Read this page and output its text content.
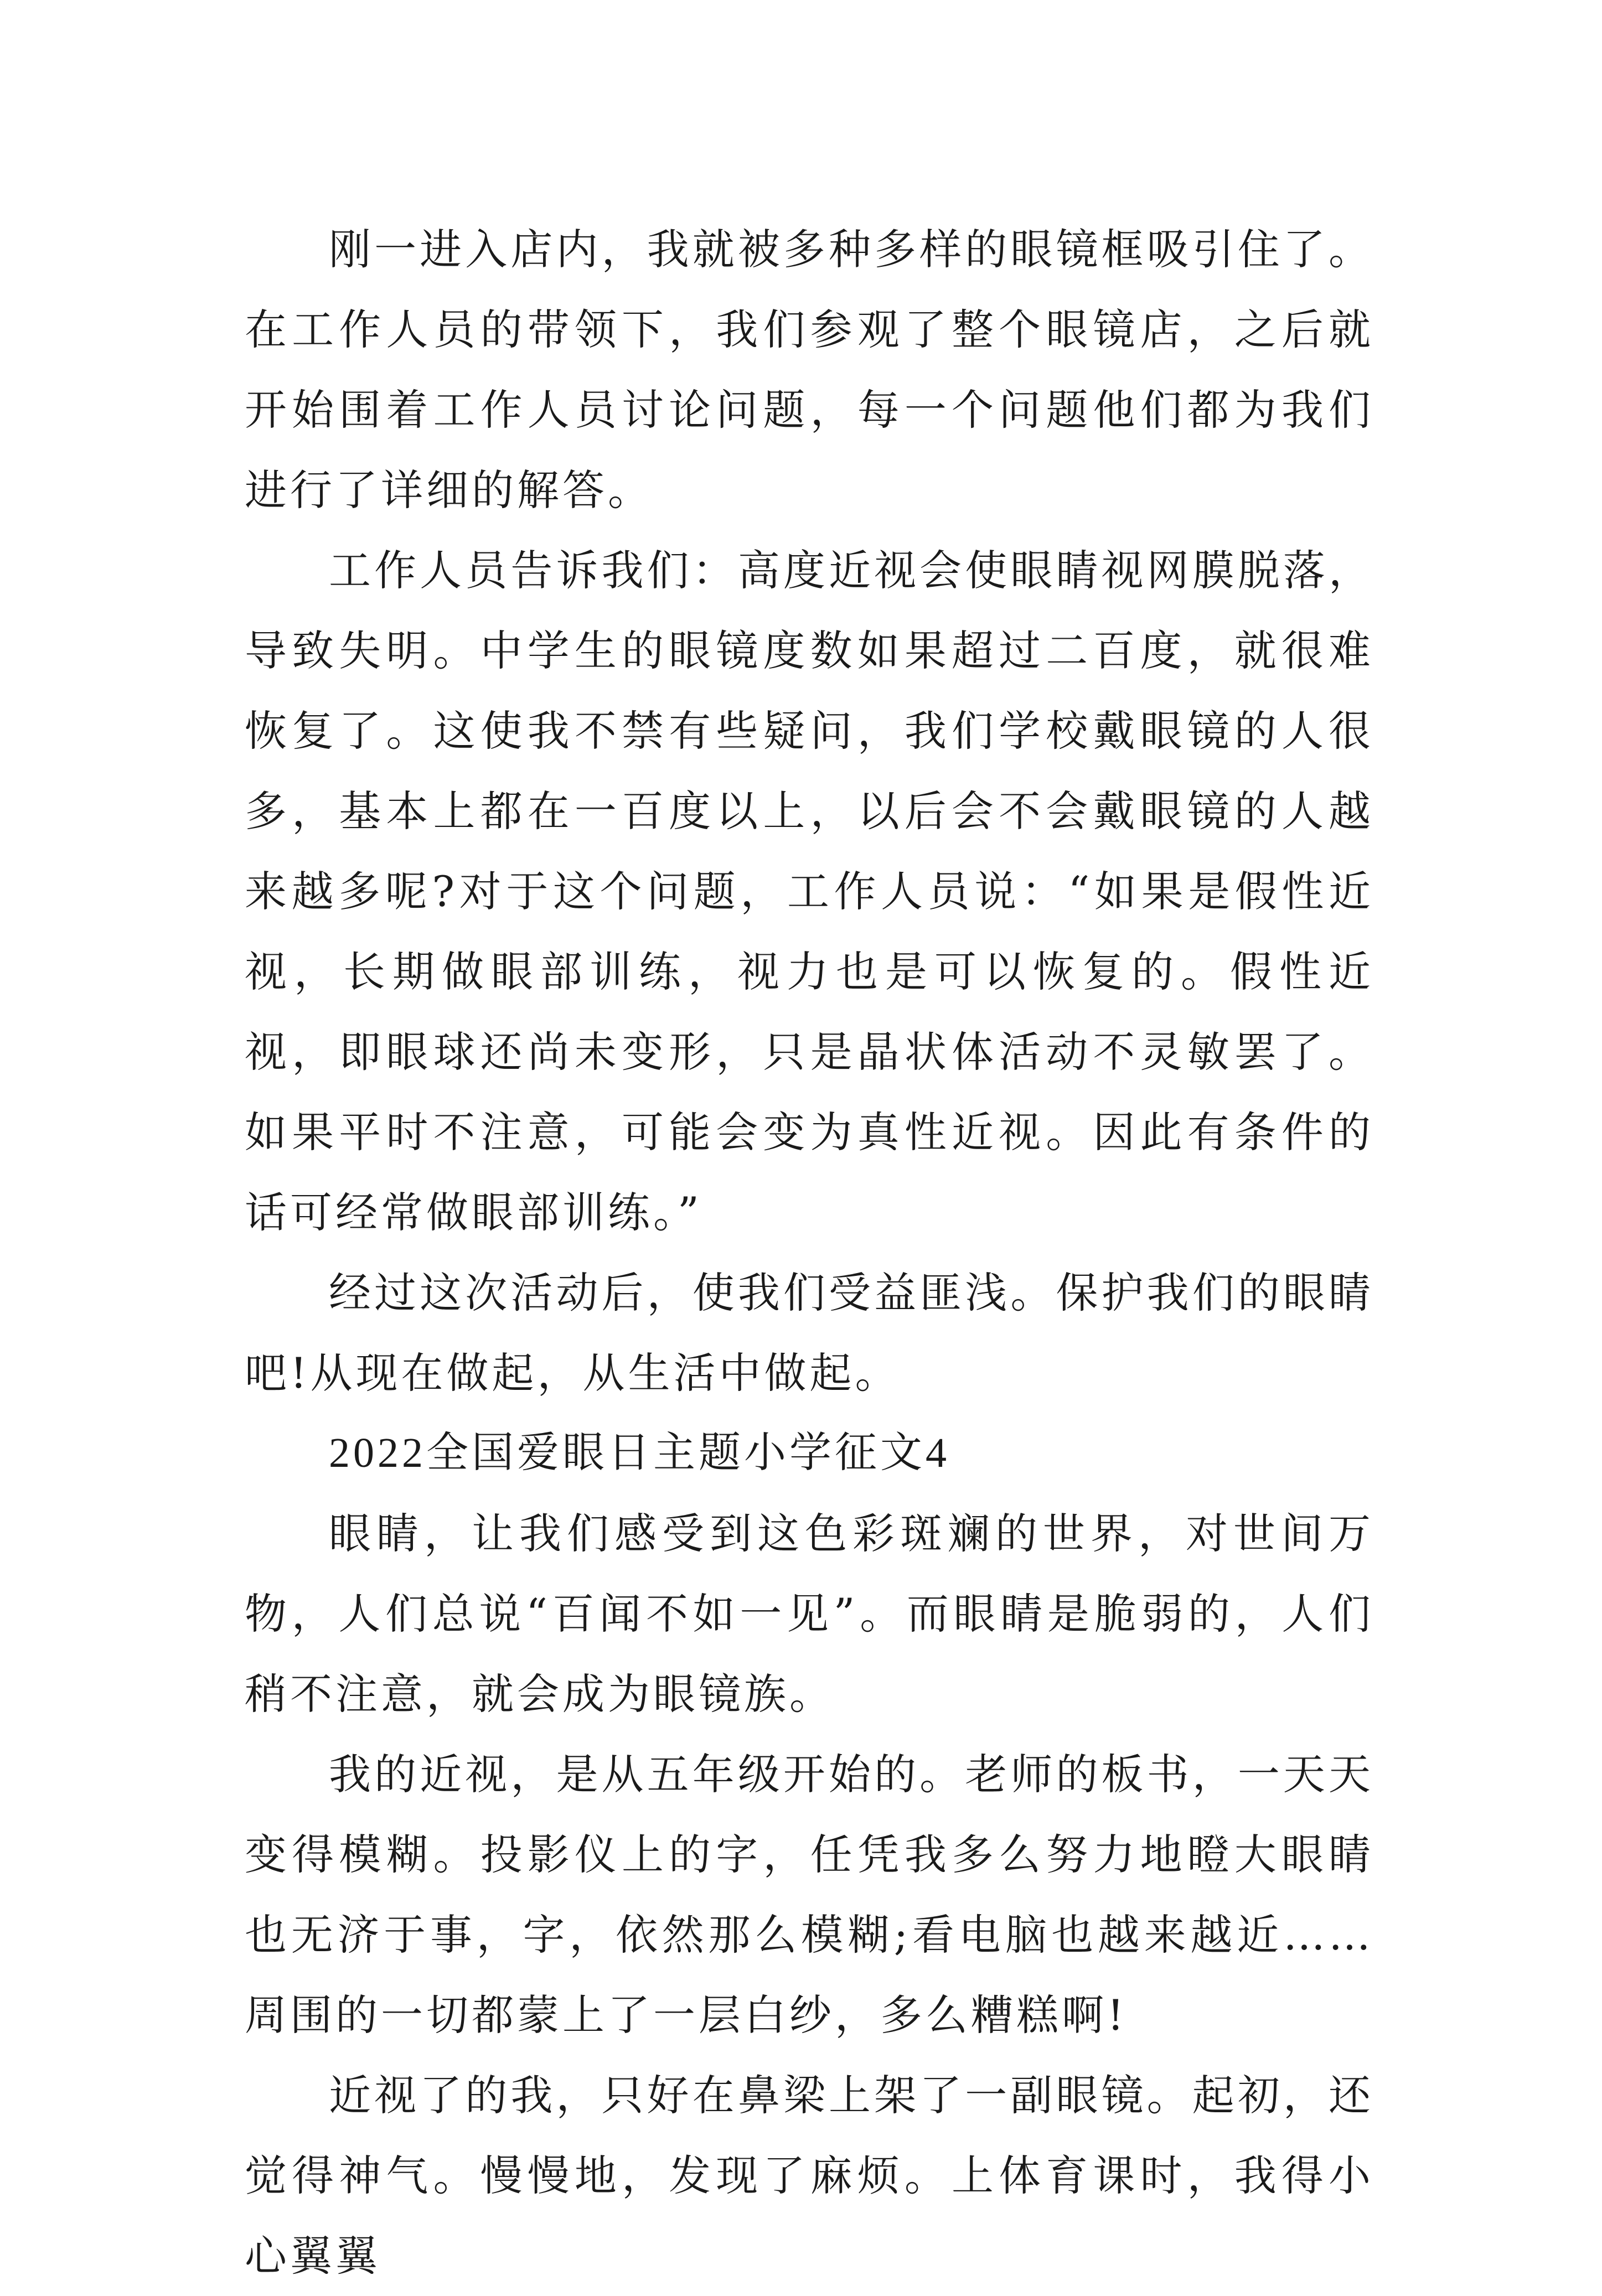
刚一进入店内，我就被多种多样的眼镜框吸引住了。在工作人员的带领下，我们参观了整个眼镜店，之后就开始围着工作人员讨论问题，每一个问题他们都为我们进行了详细的解答。

工作人员告诉我们：高度近视会使眼睛视网膜脱落，导致失明。中学生的眼镜度数如果超过二百度，就很难恢复了。这使我不禁有些疑问，我们学校戴眼镜的人很多，基本上都在一百度以上，以后会不会戴眼镜的人越来越多呢?对于这个问题，工作人员说：“如果是假性近视，长期做眼部训练，视力也是可以恢复的。假性近视，即眼球还尚未变形，只是晶状体活动不灵敏罢了。如果平时不注意，可能会变为真性近视。因此有条件的话可经常做眼部训练。”

经过这次活动后，使我们受益匪浅。保护我们的眼睛吧!从现在做起，从生活中做起。

2022全国爱眼日主题小学征文4

眼睛，让我们感受到这色彩斑斓的世界，对世间万物，人们总说“百闻不如一见”。而眼睛是脆弱的，人们稍不注意，就会成为眼镜族。

我的近视，是从五年级开始的。老师的板书，一天天变得模糊。投影仪上的字，任凭我多么努力地瞪大眼睛也无济于事，字，依然那么模糊;看电脑也越来越近……周围的一切都蒙上了一层白纱，多么糟糕啊!

近视了的我，只好在鼻梁上架了一副眼镜。起初，还觉得神气。慢慢地，发现了麻烦。上体育课时，我得小心翼翼
